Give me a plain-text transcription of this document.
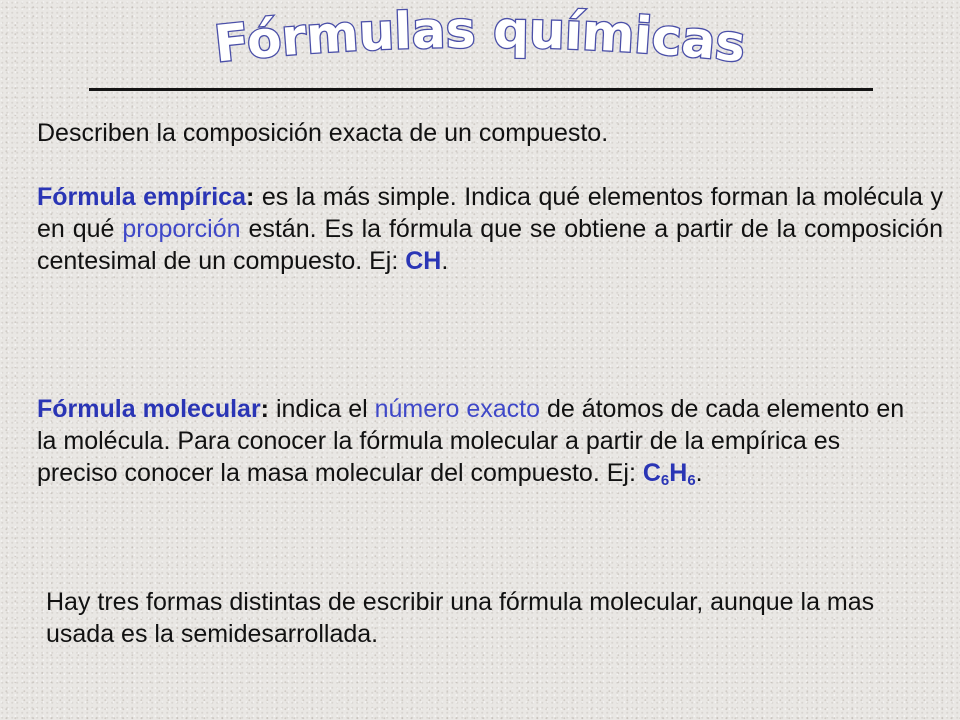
Fórmulas químicas

Describen la composición exacta de un compuesto.

Fórmula empírica: es la más simple. Indica qué elementos forman la molécula y en qué proporción están. Es la fórmula que se obtiene a partir de la composición centesimal de un compuesto. Ej: CH.

Fórmula molecular: indica el número exacto de átomos de cada elemento en la molécula. Para conocer la fórmula molecular a partir de la empírica es preciso conocer la masa molecular del compuesto. Ej: $C_6H_6$.

Hay tres formas distintas de escribir una fórmula molecular, aunque la mas usada es la semidesarrollada.
